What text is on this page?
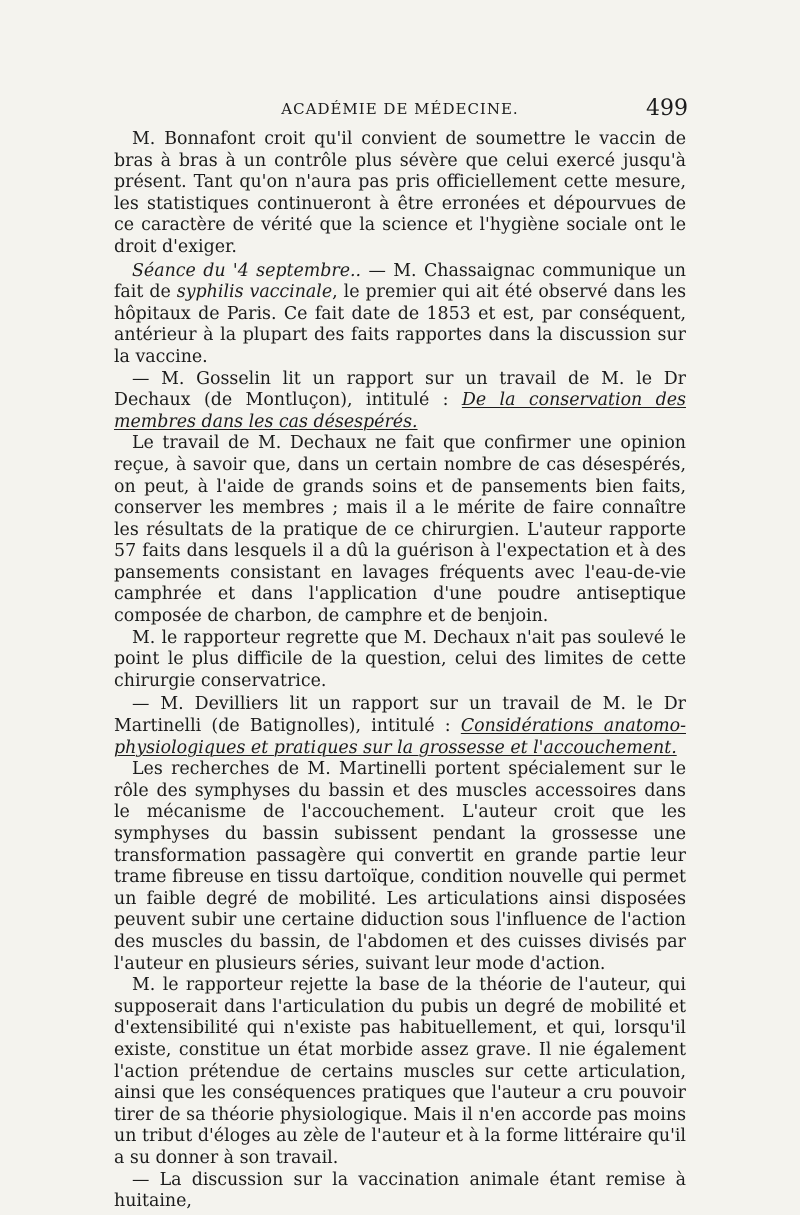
ACADÉMIE DE MÉDECINE.	499

M. Bonnafont croit qu'il convient de soumettre le vaccin de bras à bras à un contrôle plus sévère que celui exercé jusqu'à présent. Tant qu'on n'aura pas pris officiellement cette mesure, les statistiques continueront à être erronées et dépourvues de ce caractère de vérité que la science et l'hygiène sociale ont le droit d'exiger.

Séance du '4 septembre.. — M. Chassaignac communique un fait de syphilis vaccinale, le premier qui ait été observé dans les hôpitaux de Paris. Ce fait date de 1853 et est, par conséquent, antérieur à la plupart des faits rapportes dans la discussion sur la vaccine.

— M. Gosselin lit un rapport sur un travail de M. le Dr Dechaux (de Montluçon), intitulé : De la conservation des membres dans les cas désespérés.

Le travail de M. Dechaux ne fait que confirmer une opinion reçue, à savoir que, dans un certain nombre de cas désespérés, on peut, à l'aide de grands soins et de pansements bien faits, conserver les membres ; mais il a le mérite de faire connaître les résultats de la pratique de ce chirurgien. L'auteur rapporte 57 faits dans lesquels il a dû la guérison à l'expectation et à des pansements consistant en lavages fréquents avec l'eau-de-vie camphrée et dans l'application d'une poudre antiseptique composée de charbon, de camphre et de benjoin.

M. le rapporteur regrette que M. Dechaux n'ait pas soulevé le point le plus difficile de la question, celui des limites de cette chirurgie conservatrice.

— M. Devilliers lit un rapport sur un travail de M. le Dr Martinelli (de Batignolles), intitulé : Considérations anatomo-physiologiques et pratiques sur la grossesse et l'accouchement.

Les recherches de M. Martinelli portent spécialement sur le rôle des symphyses du bassin et des muscles accessoires dans le mécanisme de l'accouchement. L'auteur croit que les symphyses du bassin subissent pendant la grossesse une transformation passagère qui convertit en grande partie leur trame fibreuse en tissu dartoïque, condition nouvelle qui permet un faible degré de mobilité. Les articulations ainsi disposées peuvent subir une certaine diduction sous l'influence de l'action des muscles du bassin, de l'abdomen et des cuisses divisés par l'auteur en plusieurs séries, suivant leur mode d'action.

M. le rapporteur rejette la base de la théorie de l'auteur, qui supposerait dans l'articulation du pubis un degré de mobilité et d'extensibilité qui n'existe pas habituellement, et qui, lorsqu'il existe, constitue un état morbide assez grave. Il nie également l'action prétendue de certains muscles sur cette articulation, ainsi que les conséquences pratiques que l'auteur a cru pouvoir tirer de sa théorie physiologique. Mais il n'en accorde pas moins un tribut d'éloges au zèle de l'auteur et à la forme littéraire qu'il a su donner à son travail.

— La discussion sur la vaccination animale étant remise à huitaine,
